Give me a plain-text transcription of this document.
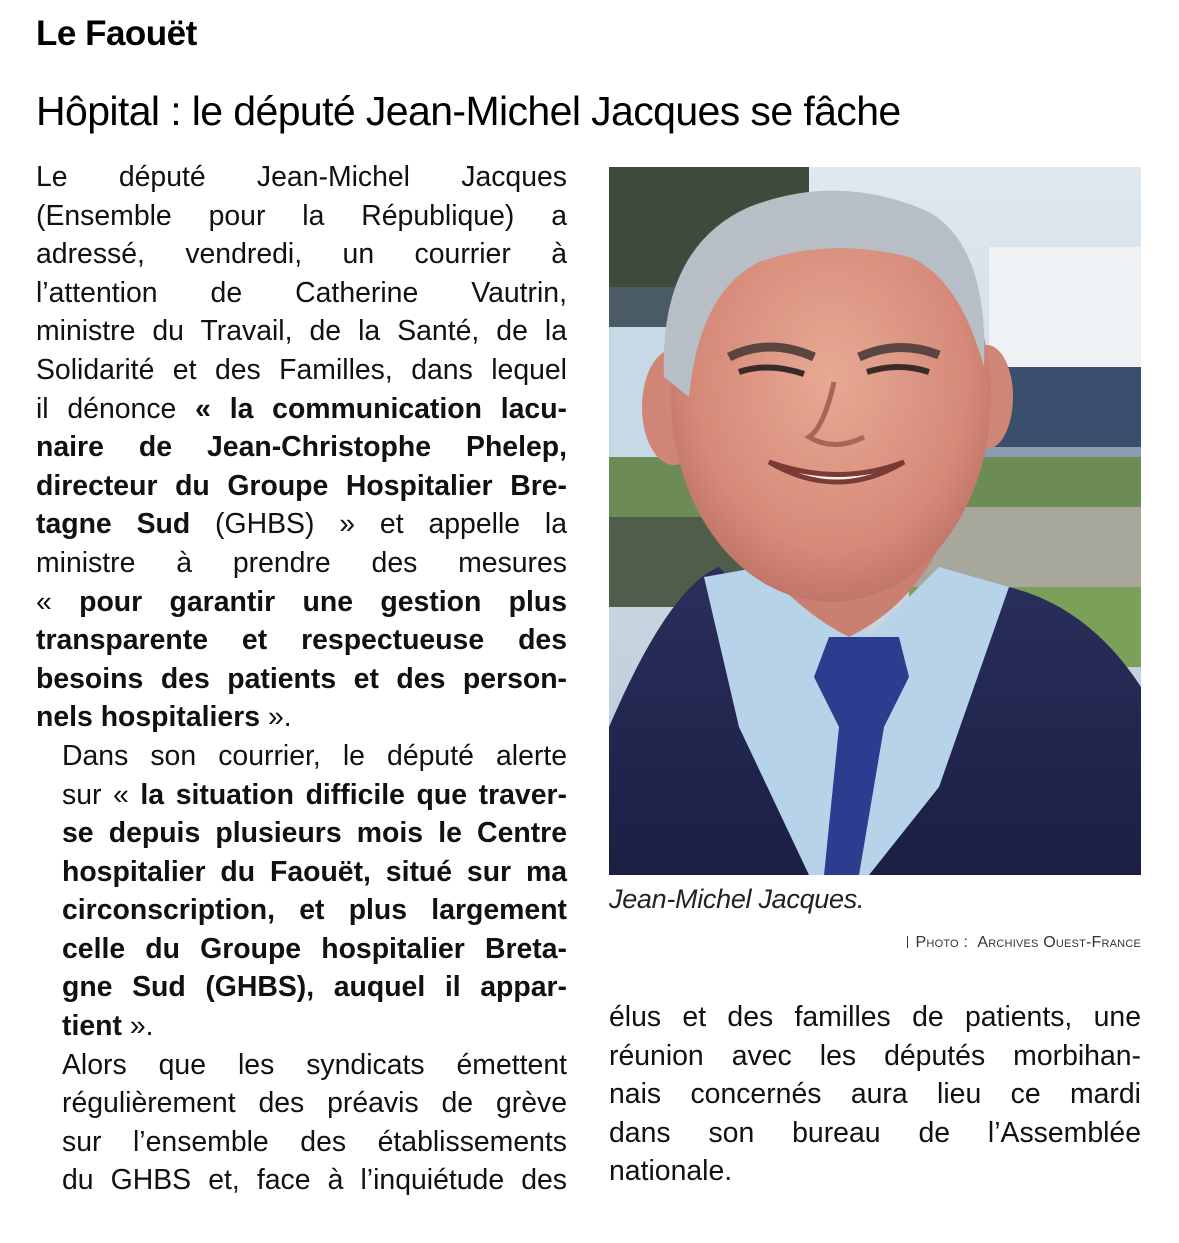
Le Faouët
Hôpital : le député Jean-Michel Jacques se fâche

Le député Jean-Michel Jacques
(Ensemble pour la République) a
adressé, vendredi, un courrier à
l’attention de Catherine Vautrin,
ministre du Travail, de la Santé, de la
Solidarité et des Familles, dans lequel
il dénonce « la communication lacu-
naire de Jean-Christophe Phelep,
directeur du Groupe Hospitalier Bre-
tagne Sud (GHBS) » et appelle la
ministre à prendre des mesures
« pour garantir une gestion plus
transparente et respectueuse des
besoins des patients et des person-
nels hospitaliers ».

Dans son courrier, le député alerte
sur « la situation difficile que traver-
se depuis plusieurs mois le Centre
hospitalier du Faouët, situé sur ma
circonscription, et plus largement
celle du Groupe hospitalier Breta-
gne Sud (GHBS), auquel il appar-
tient ».

Alors que les syndicats émettent
régulièrement des préavis de grève
sur l’ensemble des établissements
du GHBS et, face à l’inquiétude des

Jean-Michel Jacques.
Photo : Archives Ouest-France

élus et des familles de patients, une
réunion avec les députés morbihan-
nais concernés aura lieu ce mardi
dans son bureau de l’Assemblée
nationale.
